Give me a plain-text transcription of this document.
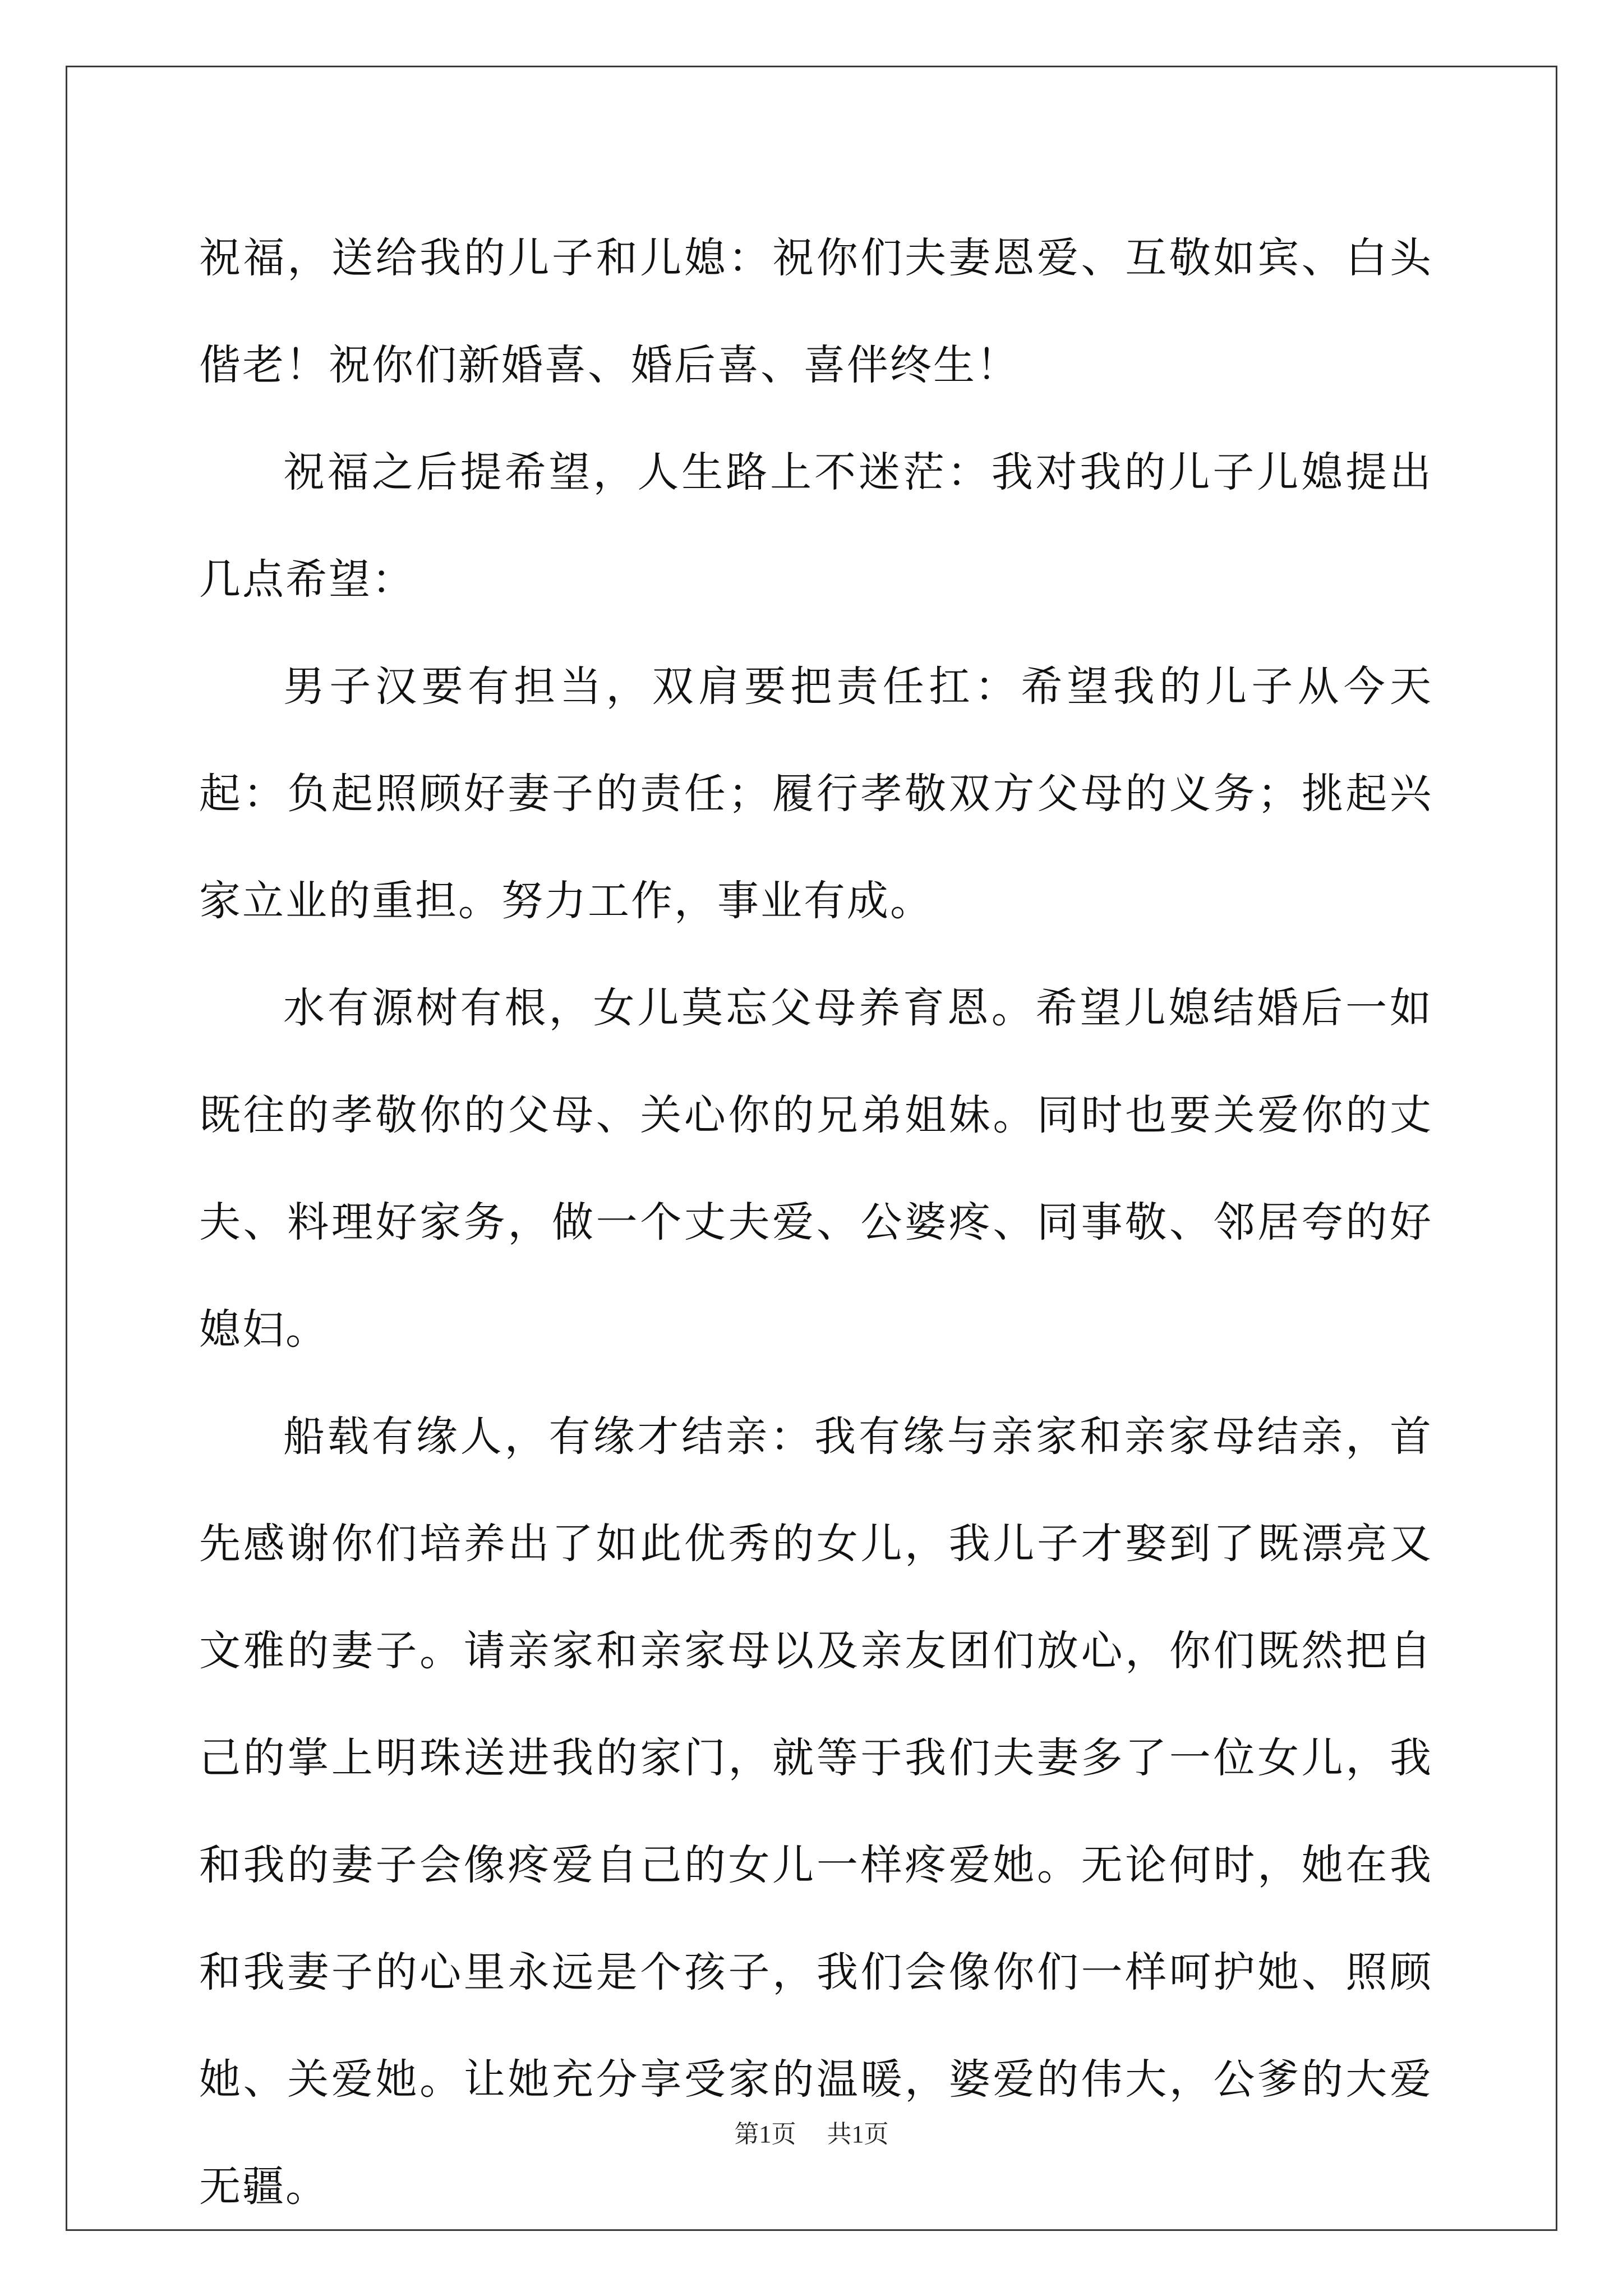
祝福，送给我的儿子和儿媳：祝你们夫妻恩爱、互敬如宾、白头偕老！祝你们新婚喜、婚后喜、喜伴终生！

祝福之后提希望，人生路上不迷茫：我对我的儿子儿媳提出几点希望：

男子汉要有担当，双肩要把责任扛：希望我的儿子从今天起：负起照顾好妻子的责任；履行孝敬双方父母的义务；挑起兴家立业的重担。努力工作，事业有成。

水有源树有根，女儿莫忘父母养育恩。希望儿媳结婚后一如既往的孝敬你的父母、关心你的兄弟姐妹。同时也要关爱你的丈夫、料理好家务，做一个丈夫爱、公婆疼、同事敬、邻居夸的好媳妇。

船载有缘人，有缘才结亲：我有缘与亲家和亲家母结亲，首先感谢你们培养出了如此优秀的女儿，我儿子才娶到了既漂亮又文雅的妻子。请亲家和亲家母以及亲友团们放心，你们既然把自己的掌上明珠送进我的家门，就等于我们夫妻多了一位女儿，我和我的妻子会像疼爱自己的女儿一样疼爱她。无论何时，她在我和我妻子的心里永远是个孩子，我们会像你们一样呵护她、照顾她、关爱她。让她充分享受家的温暖，婆爱的伟大，公爹的大爱无疆。

第1页 共1页
